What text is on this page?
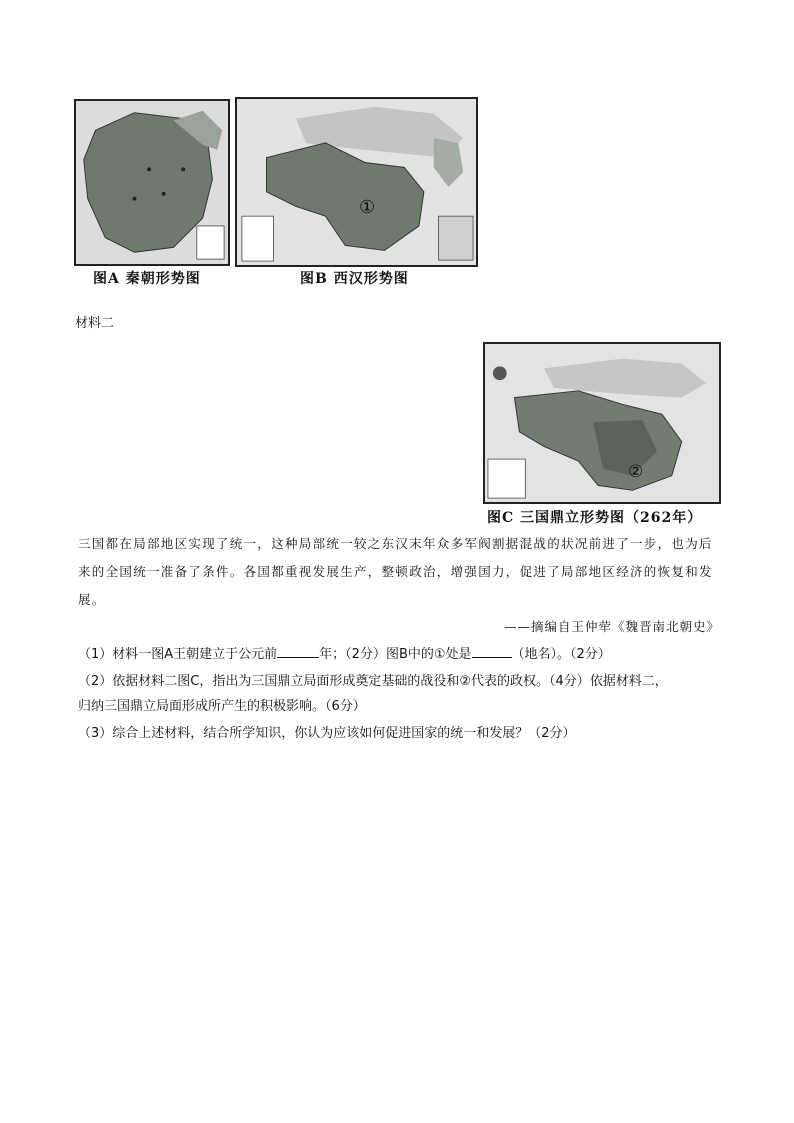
图A 秦朝形势图
①
图B 西汉形势图
材料二
②
图C 三国鼎立形势图（262年）

三国都在局部地区实现了统一，这种局部统一较之东汉末年众多军阀割据混战的状况前进了一步，也为后

来的全国统一准备了条件。各国都重视发展生产，整顿政治，增强国力，促进了局部地区经济的恢复和发

展。

——摘编自王仲荦《魏晋南北朝史》
（1）材料一图A王朝建立于公元前	年；（2分）图B中的①处是	（地名）。（2分）
（2）依据材料二图C，指出为三国鼎立局面形成奠定基础的战役和②代表的政权。（4分）依据材料二，
归纳三国鼎立局面形成所产生的积极影响。（6分）
（3）综合上述材料，结合所学知识，你认为应该如何促进国家的统一和发展？（2分）
